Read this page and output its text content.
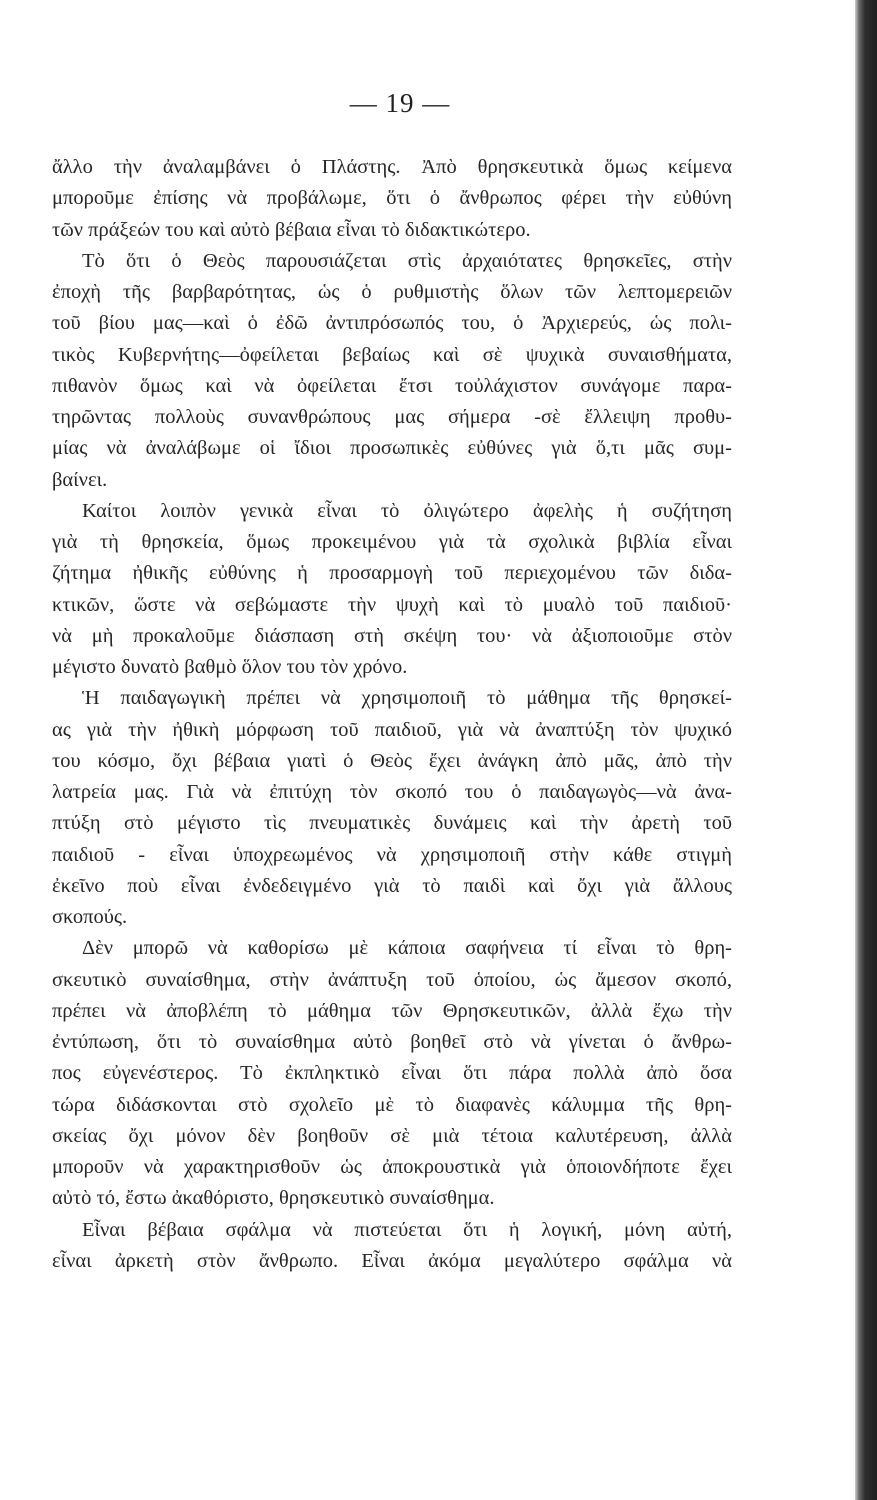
— 19 —
ἄλλο τὴν ἀναλαμβάνει ὁ Πλάστης. Ἀπὸ θρησκευτικὰ ὅμως κείμενα
μποροῦμε ἐπίσης νὰ προβάλωμε, ὅτι ὁ ἄνθρωπος φέρει τὴν εὐθύνη
τῶν πράξεών του καὶ αὐτὸ βέβαια εἶναι τὸ διδακτικώτερο.
Τὸ ὅτι ὁ Θεὸς παρουσιάζεται στὶς ἀρχαιότατες θρησκεῖες, στὴν
ἐποχὴ τῆς βαρβαρότητας, ὡς ὁ ρυθμιστὴς ὅλων τῶν λεπτομερειῶν
τοῦ βίου μας—καὶ ὁ ἐδῶ ἀντιπρόσωπός του, ὁ Ἀρχιερεύς, ὡς πολι-
τικὸς Κυβερνήτης—ὀφείλεται βεβαίως καὶ σὲ ψυχικὰ συναισθήματα,
πιθανὸν ὅμως καὶ νὰ ὀφείλεται ἔτσι τοὐλάχιστον συνάγομε παρα-
τηρῶντας πολλοὺς συνανθρώπους μας σήμερα -σὲ ἔλλειψη προθυ-
μίας νὰ ἀναλάβωμε οἱ ἴδιοι προσωπικὲς εὐθύνες γιὰ ὅ,τι μᾶς συμ-
βαίνει.
Καίτοι λοιπὸν γενικὰ εἶναι τὸ ὀλιγώτερο ἀφελὴς ἡ συζήτηση
γιὰ τὴ θρησκεία, ὅμως προκειμένου γιὰ τὰ σχολικὰ βιβλία εἶναι
ζήτημα ἠθικῆς εὐθύνης ἡ προσαρμογὴ τοῦ περιεχομένου τῶν διδα-
κτικῶν, ὥστε νὰ σεβώμαστε τὴν ψυχὴ καὶ τὸ μυαλὸ τοῦ παιδιοῦ·
νὰ μὴ προκαλοῦμε διάσπαση στὴ σκέψη του· νὰ ἀξιοποιοῦμε στὸν
μέγιστο δυνατὸ βαθμὸ ὅλον του τὸν χρόνο.
Ἡ παιδαγωγικὴ πρέπει νὰ χρησιμοποιῆ τὸ μάθημα τῆς θρησκεί-
ας γιὰ τὴν ἠθικὴ μόρφωση τοῦ παιδιοῦ, γιὰ νὰ ἀναπτύξη τὸν ψυχικό
του κόσμο, ὄχι βέβαια γιατὶ ὁ Θεὸς ἔχει ἀνάγκη ἀπὸ μᾶς, ἀπὸ τὴν
λατρεία μας. Γιὰ νὰ ἐπιτύχη τὸν σκοπό του ὁ παιδαγωγὸς—νὰ ἀνα-
πτύξη στὸ μέγιστο τὶς πνευματικὲς δυνάμεις καὶ τὴν ἀρετὴ τοῦ
παιδιοῦ - εἶναι ὑποχρεωμένος νὰ χρησιμοποιῆ στὴν κάθε στιγμὴ
ἐκεῖνο ποὺ εἶναι ἐνδεδειγμένο γιὰ τὸ παιδὶ καὶ ὄχι γιὰ ἄλλους
σκοπούς.
Δὲν μπορῶ νὰ καθορίσω μὲ κάποια σαφήνεια τί εἶναι τὸ θρη-
σκευτικὸ συναίσθημα, στὴν ἀνάπτυξη τοῦ ὁποίου, ὡς ἄμεσον σκοπό,
πρέπει νὰ ἀποβλέπη τὸ μάθημα τῶν Θρησκευτικῶν, ἀλλὰ ἔχω τὴν
ἐντύπωση, ὅτι τὸ συναίσθημα αὐτὸ βοηθεῖ στὸ νὰ γίνεται ὁ ἄνθρω-
πος εὐγενέστερος. Τὸ ἐκπληκτικὸ εἶναι ὅτι πάρα πολλὰ ἀπὸ ὅσα
τώρα διδάσκονται στὸ σχολεῖο μὲ τὸ διαφανὲς κάλυμμα τῆς θρη-
σκείας ὄχι μόνον δὲν βοηθοῦν σὲ μιὰ τέτοια καλυτέρευση, ἀλλὰ
μποροῦν νὰ χαρακτηρισθοῦν ὡς ἀποκρουστικὰ γιὰ ὁποιονδήποτε ἔχει
αὐτὸ τό, ἔστω ἀκαθόριστο, θρησκευτικὸ συναίσθημα.
Εἶναι βέβαια σφάλμα νὰ πιστεύεται ὅτι ἡ λογική, μόνη αὐτή,
εἶναι ἀρκετὴ στὸν ἄνθρωπο. Εἶναι ἀκόμα μεγαλύτερο σφάλμα νὰ
